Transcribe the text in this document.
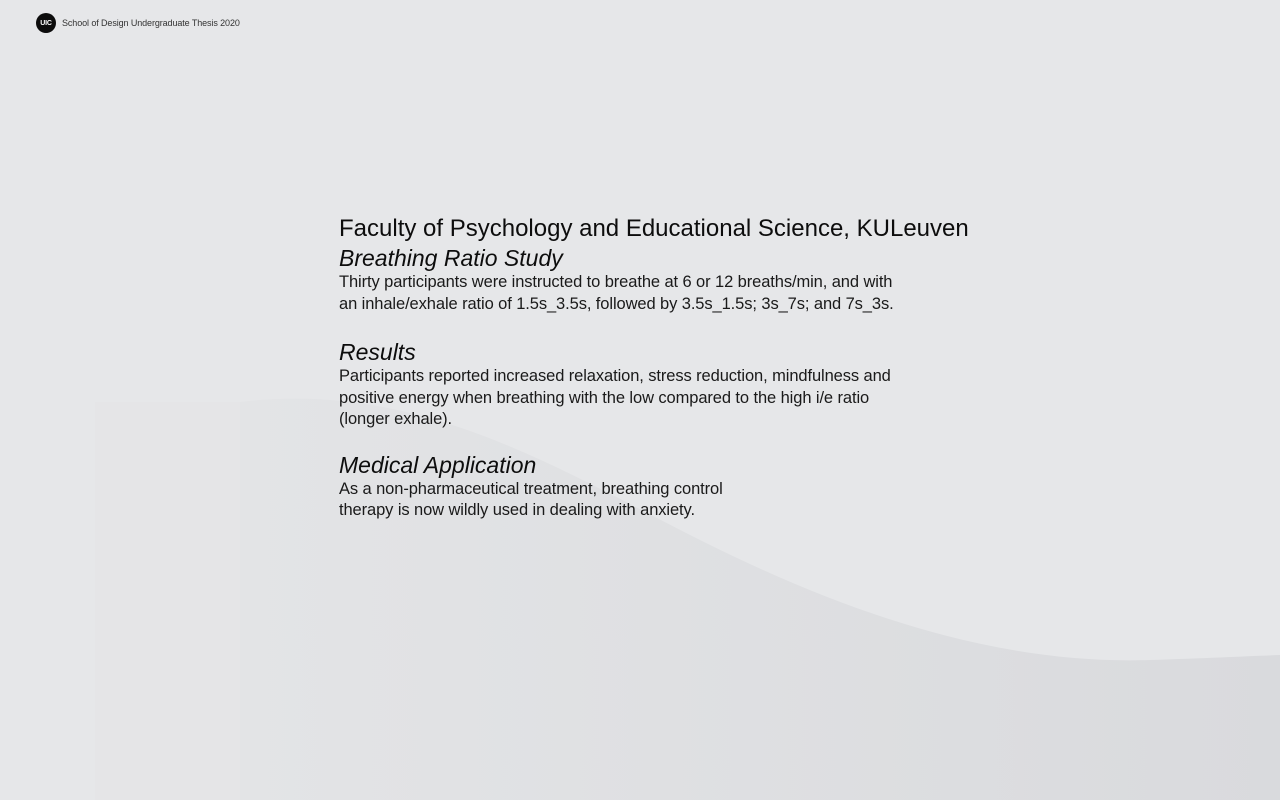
UIC	School of Design Undergraduate Thesis 2020
Faculty of Psychology and Educational Science, KULeuven
Breathing Ratio Study
Thirty participants were instructed to breathe at 6 or 12 breaths/min, and with
an inhale/exhale ratio of 1.5s_3.5s, followed by 3.5s_1.5s; 3s_7s; and 7s_3s.
Results
Participants reported increased relaxation, stress reduction, mindfulness and
positive energy when breathing with the low compared to the high i/e ratio
(longer exhale).
Medical Application
As a non-pharmaceutical treatment, breathing control
therapy is now wildly used in dealing with anxiety.
